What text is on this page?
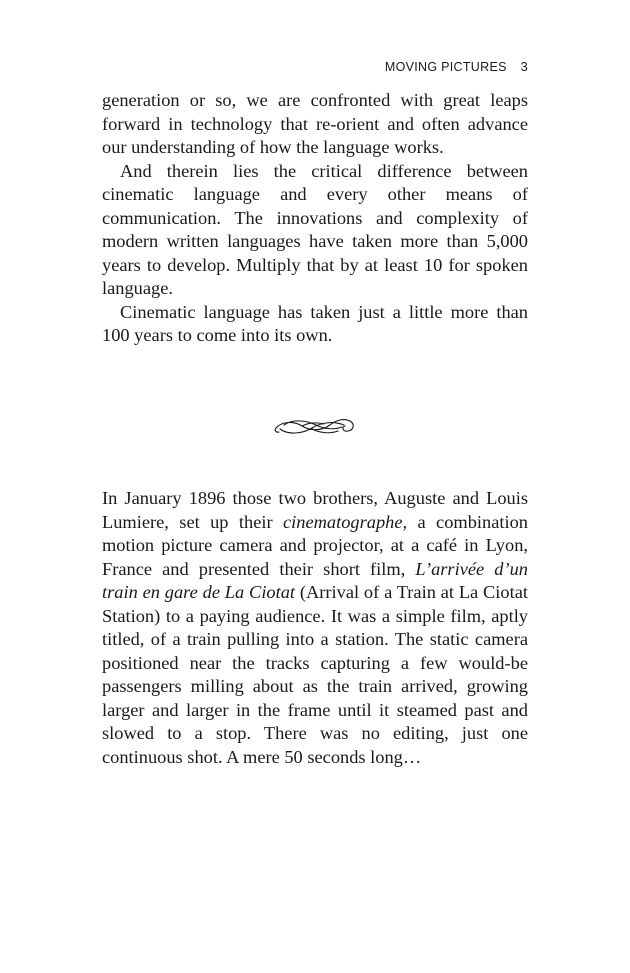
MOVING PICTURES 3

generation or so, we are confronted with great leaps forward in technology that re-orient and often advance our understanding of how the language works.

And therein lies the critical difference between cinematic language and every other means of communication. The innovations and complexity of modern written languages have taken more than 5,000 years to develop. Multiply that by at least 10 for spoken language.

Cinematic language has taken just a little more than 100 years to come into its own.

In January 1896 those two brothers, Auguste and Louis Lumiere, set up their cinematographe, a combination motion picture camera and projector, at a café in Lyon, France and presented their short film, L’arrivée d’un train en gare de La Ciotat (Arrival of a Train at La Ciotat Station) to a paying audience. It was a simple film, aptly titled, of a train pulling into a station. The static camera positioned near the tracks capturing a few would-be passengers milling about as the train arrived, growing larger and larger in the frame until it steamed past and slowed to a stop. There was no editing, just one continuous shot. A mere 50 seconds long…
